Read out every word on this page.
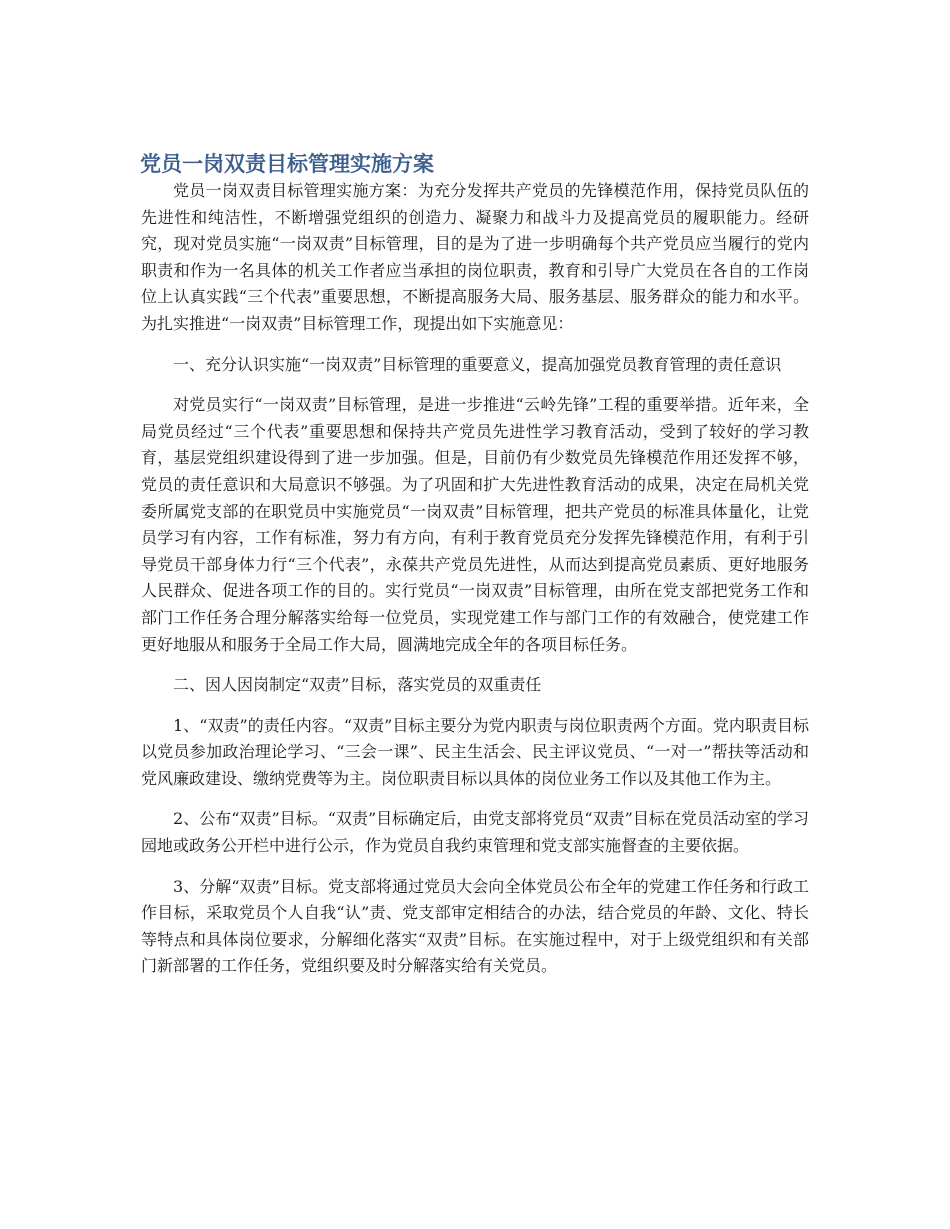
党员一岗双责目标管理实施方案

党员一岗双责目标管理实施方案：为充分发挥共产党员的先锋模范作用，保持党员队伍的先进性和纯洁性，不断增强党组织的创造力、凝聚力和战斗力及提高党员的履职能力。经研究，现对党员实施“一岗双责”目标管理，目的是为了进一步明确每个共产党员应当履行的党内职责和作为一名具体的机关工作者应当承担的岗位职责，教育和引导广大党员在各自的工作岗位上认真实践“三个代表”重要思想，不断提高服务大局、服务基层、服务群众的能力和水平。为扎实推进“一岗双责”目标管理工作，现提出如下实施意见：

一、充分认识实施“一岗双责”目标管理的重要意义，提高加强党员教育管理的责任意识

对党员实行“一岗双责”目标管理，是进一步推进“云岭先锋”工程的重要举措。近年来，全局党员经过“三个代表”重要思想和保持共产党员先进性学习教育活动，受到了较好的学习教育，基层党组织建设得到了进一步加强。但是，目前仍有少数党员先锋模范作用还发挥不够，党员的责任意识和大局意识不够强。为了巩固和扩大先进性教育活动的成果，决定在局机关党委所属党支部的在职党员中实施党员“一岗双责”目标管理，把共产党员的标准具体量化，让党员学习有内容，工作有标准，努力有方向，有利于教育党员充分发挥先锋模范作用，有利于引导党员干部身体力行“三个代表”，永葆共产党员先进性，从而达到提高党员素质、更好地服务人民群众、促进各项工作的目的。实行党员“一岗双责”目标管理，由所在党支部把党务工作和部门工作任务合理分解落实给每一位党员，实现党建工作与部门工作的有效融合，使党建工作更好地服从和服务于全局工作大局，圆满地完成全年的各项目标任务。

二、因人因岗制定“双责”目标，落实党员的双重责任

1、“双责”的责任内容。“双责”目标主要分为党内职责与岗位职责两个方面。党内职责目标以党员参加政治理论学习、“三会一课”、民主生活会、民主评议党员、“一对一”帮扶等活动和党风廉政建设、缴纳党费等为主。岗位职责目标以具体的岗位业务工作以及其他工作为主。

2、公布“双责”目标。“双责”目标确定后，由党支部将党员“双责”目标在党员活动室的学习园地或政务公开栏中进行公示，作为党员自我约束管理和党支部实施督查的主要依据。

3、分解“双责”目标。党支部将通过党员大会向全体党员公布全年的党建工作任务和行政工作目标，采取党员个人自我“认”责、党支部审定相结合的办法，结合党员的年龄、文化、特长等特点和具体岗位要求，分解细化落实“双责”目标。在实施过程中，对于上级党组织和有关部门新部署的工作任务，党组织要及时分解落实给有关党员。
